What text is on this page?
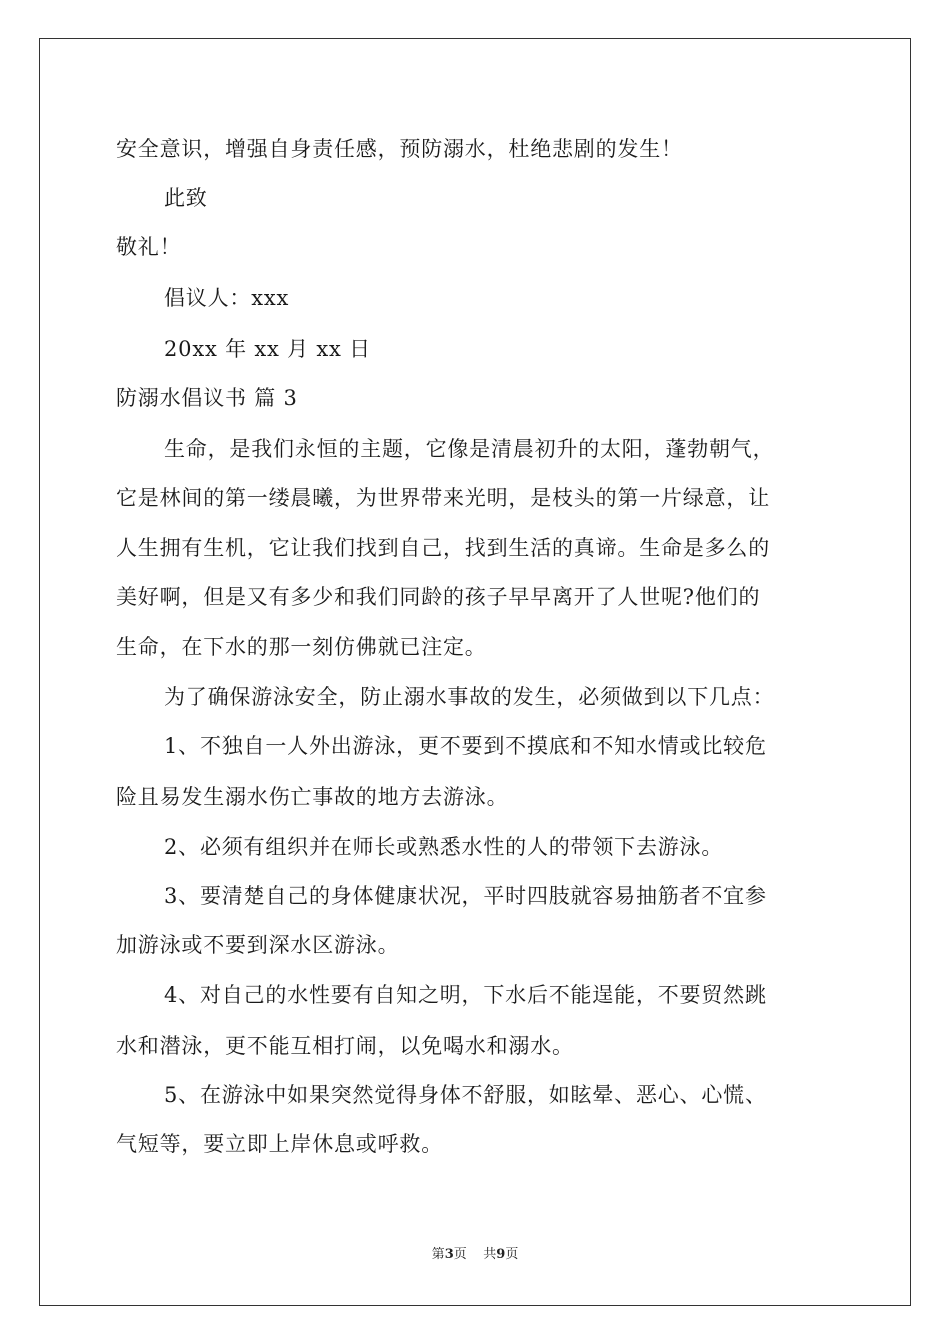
安全意识，增强自身责任感，预防溺水，杜绝悲剧的发生！
此致
敬礼！
倡议人：xxx
20xx 年 xx 月 xx 日
防溺水倡议书 篇 3
生命，是我们永恒的主题，它像是清晨初升的太阳，蓬勃朝气，
它是林间的第一缕晨曦，为世界带来光明，是枝头的第一片绿意，让
人生拥有生机，它让我们找到自己，找到生活的真谛。生命是多么的
美好啊，但是又有多少和我们同龄的孩子早早离开了人世呢?他们的
生命，在下水的那一刻仿佛就已注定。
为了确保游泳安全，防止溺水事故的发生，必须做到以下几点：
1、不独自一人外出游泳，更不要到不摸底和不知水情或比较危
险且易发生溺水伤亡事故的地方去游泳。
2、必须有组织并在师长或熟悉水性的人的带领下去游泳。
3、要清楚自己的身体健康状况，平时四肢就容易抽筋者不宜参
加游泳或不要到深水区游泳。
4、对自己的水性要有自知之明，下水后不能逞能，不要贸然跳
水和潜泳，更不能互相打闹，以免喝水和溺水。
5、在游泳中如果突然觉得身体不舒服，如眩晕、恶心、心慌、
气短等，要立即上岸休息或呼救。
第3页    共9页
